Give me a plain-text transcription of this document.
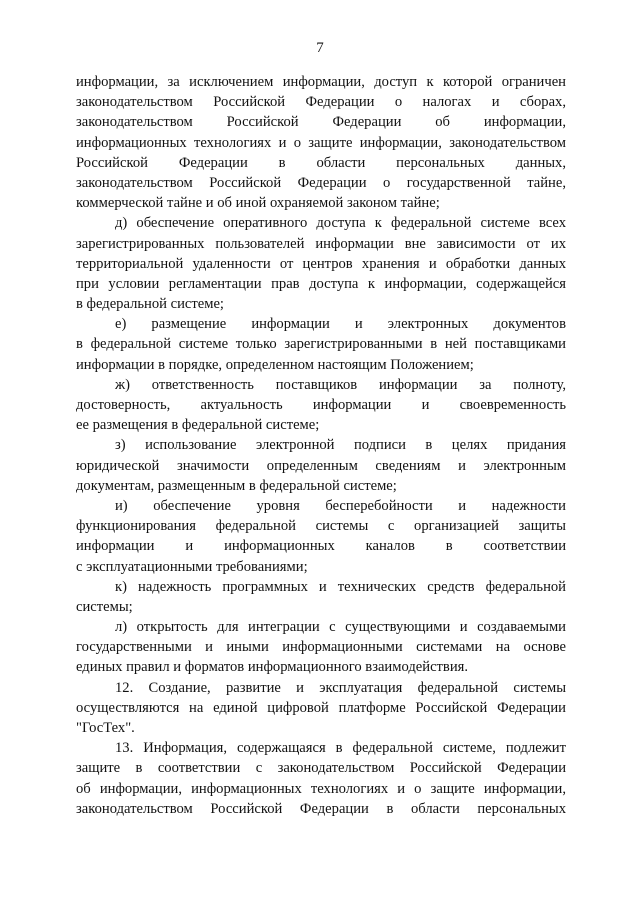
7
информации, за исключением информации, доступ к которой ограничен
законодательством Российской Федерации о налогах и сборах,
законодательством Российской Федерации об информации,
информационных технологиях и о защите информации, законодательством
Российской Федерации в области персональных данных,
законодательством Российской Федерации о государственной тайне,
коммерческой тайне и об иной охраняемой законом тайне;
д) обеспечение оперативного доступа к федеральной системе всех
зарегистрированных пользователей информации вне зависимости от их
территориальной удаленности от центров хранения и обработки данных
при условии регламентации прав доступа к информации, содержащейся
в федеральной системе;
е) размещение информации и электронных документов
в федеральной системе только зарегистрированными в ней поставщиками
информации в порядке, определенном настоящим Положением;
ж) ответственность поставщиков информации за полноту,
достоверность, актуальность информации и своевременность
ее размещения в федеральной системе;
з) использование электронной подписи в целях придания
юридической значимости определенным сведениям и электронным
документам, размещенным в федеральной системе;
и) обеспечение уровня бесперебойности и надежности
функционирования федеральной системы с организацией защиты
информации и информационных каналов в соответствии
с эксплуатационными требованиями;
к) надежность программных и технических средств федеральной
системы;
л) открытость для интеграции с существующими и создаваемыми
государственными и иными информационными системами на основе
единых правил и форматов информационного взаимодействия.
12. Создание, развитие и эксплуатация федеральной системы
осуществляются на единой цифровой платформе Российской Федерации
"ГосТех".
13. Информация, содержащаяся в федеральной системе, подлежит
защите в соответствии с законодательством Российской Федерации
об информации, информационных технологиях и о защите информации,
законодательством Российской Федерации в области персональных
